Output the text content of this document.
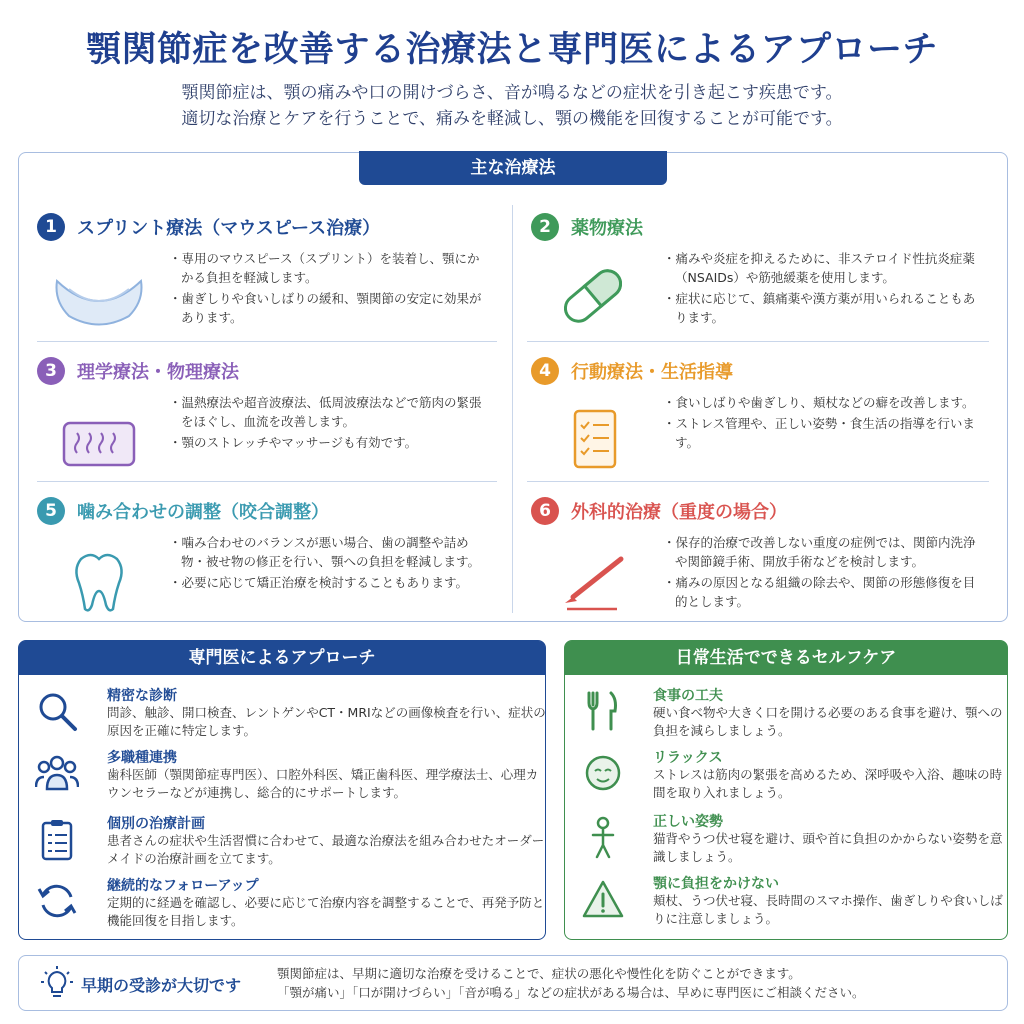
顎関節症を改善する治療法と専門医によるアプローチ
顎関節症は、顎の痛みや口の開けづらさ、音が鳴るなどの症状を引き起こす疾患です。
適切な治療とケアを行うことで、痛みを軽減し、顎の機能を回復することが可能です。
主な治療法
1	スプリント療法（マウスピース治療）
・ 専用のマウスピース（スプリント）を装着し、顎にかかる負担を軽減します。
・ 歯ぎしりや食いしばりの緩和、顎関節の安定に効果があります。
2	薬物療法
・ 痛みや炎症を抑えるために、非ステロイド性抗炎症薬（NSAIDs）や筋弛緩薬を使用します。
・ 症状に応じて、鎮痛薬や漢方薬が用いられることもあります。
3	理学療法・物理療法
・ 温熱療法や超音波療法、低周波療法などで筋肉の緊張をほぐし、血流を改善します。
・ 顎のストレッチやマッサージも有効です。
4	行動療法・生活指導
・ 食いしばりや歯ぎしり、頬杖などの癖を改善します。
・ ストレス管理や、正しい姿勢・食生活の指導を行います。
5	噛み合わせの調整（咬合調整）
・ 噛み合わせのバランスが悪い場合、歯の調整や詰め物・被せ物の修正を行い、顎への負担を軽減します。
・ 必要に応じて矯正治療を検討することもあります。
6	外科的治療（重度の場合）
・ 保存的治療で改善しない重度の症例では、関節内洗浄や関節鏡手術、開放手術などを検討します。
・ 痛みの原因となる組織の除去や、関節の形態修復を目的とします。
専門医によるアプローチ
精密な診断
問診、触診、開口検査、レントゲンやCT・MRIなどの画像検査を行い、症状の原因を正確に特定します。
多職種連携
歯科医師（顎関節症専門医）、口腔外科医、矯正歯科医、理学療法士、心理カウンセラーなどが連携し、総合的にサポートします。
個別の治療計画
患者さんの症状や生活習慣に合わせて、最適な治療法を組み合わせたオーダーメイドの治療計画を立てます。
継続的なフォローアップ
定期的に経過を確認し、必要に応じて治療内容を調整することで、再発予防と機能回復を目指します。
日常生活でできるセルフケア
食事の工夫
硬い食べ物や大きく口を開ける必要のある食事を避け、顎への負担を減らしましょう。
リラックス
ストレスは筋肉の緊張を高めるため、深呼吸や入浴、趣味の時間を取り入れましょう。
正しい姿勢
猫背やうつ伏せ寝を避け、頭や首に負担のかからない姿勢を意識しましょう。
顎に負担をかけない
頬杖、うつ伏せ寝、長時間のスマホ操作、歯ぎしりや食いしばりに注意しましょう。
早期の受診が大切です
顎関節症は、早期に適切な治療を受けることで、症状の悪化や慢性化を防ぐことができます。
「顎が痛い」「口が開けづらい」「音が鳴る」などの症状がある場合は、早めに専門医にご相談ください。
